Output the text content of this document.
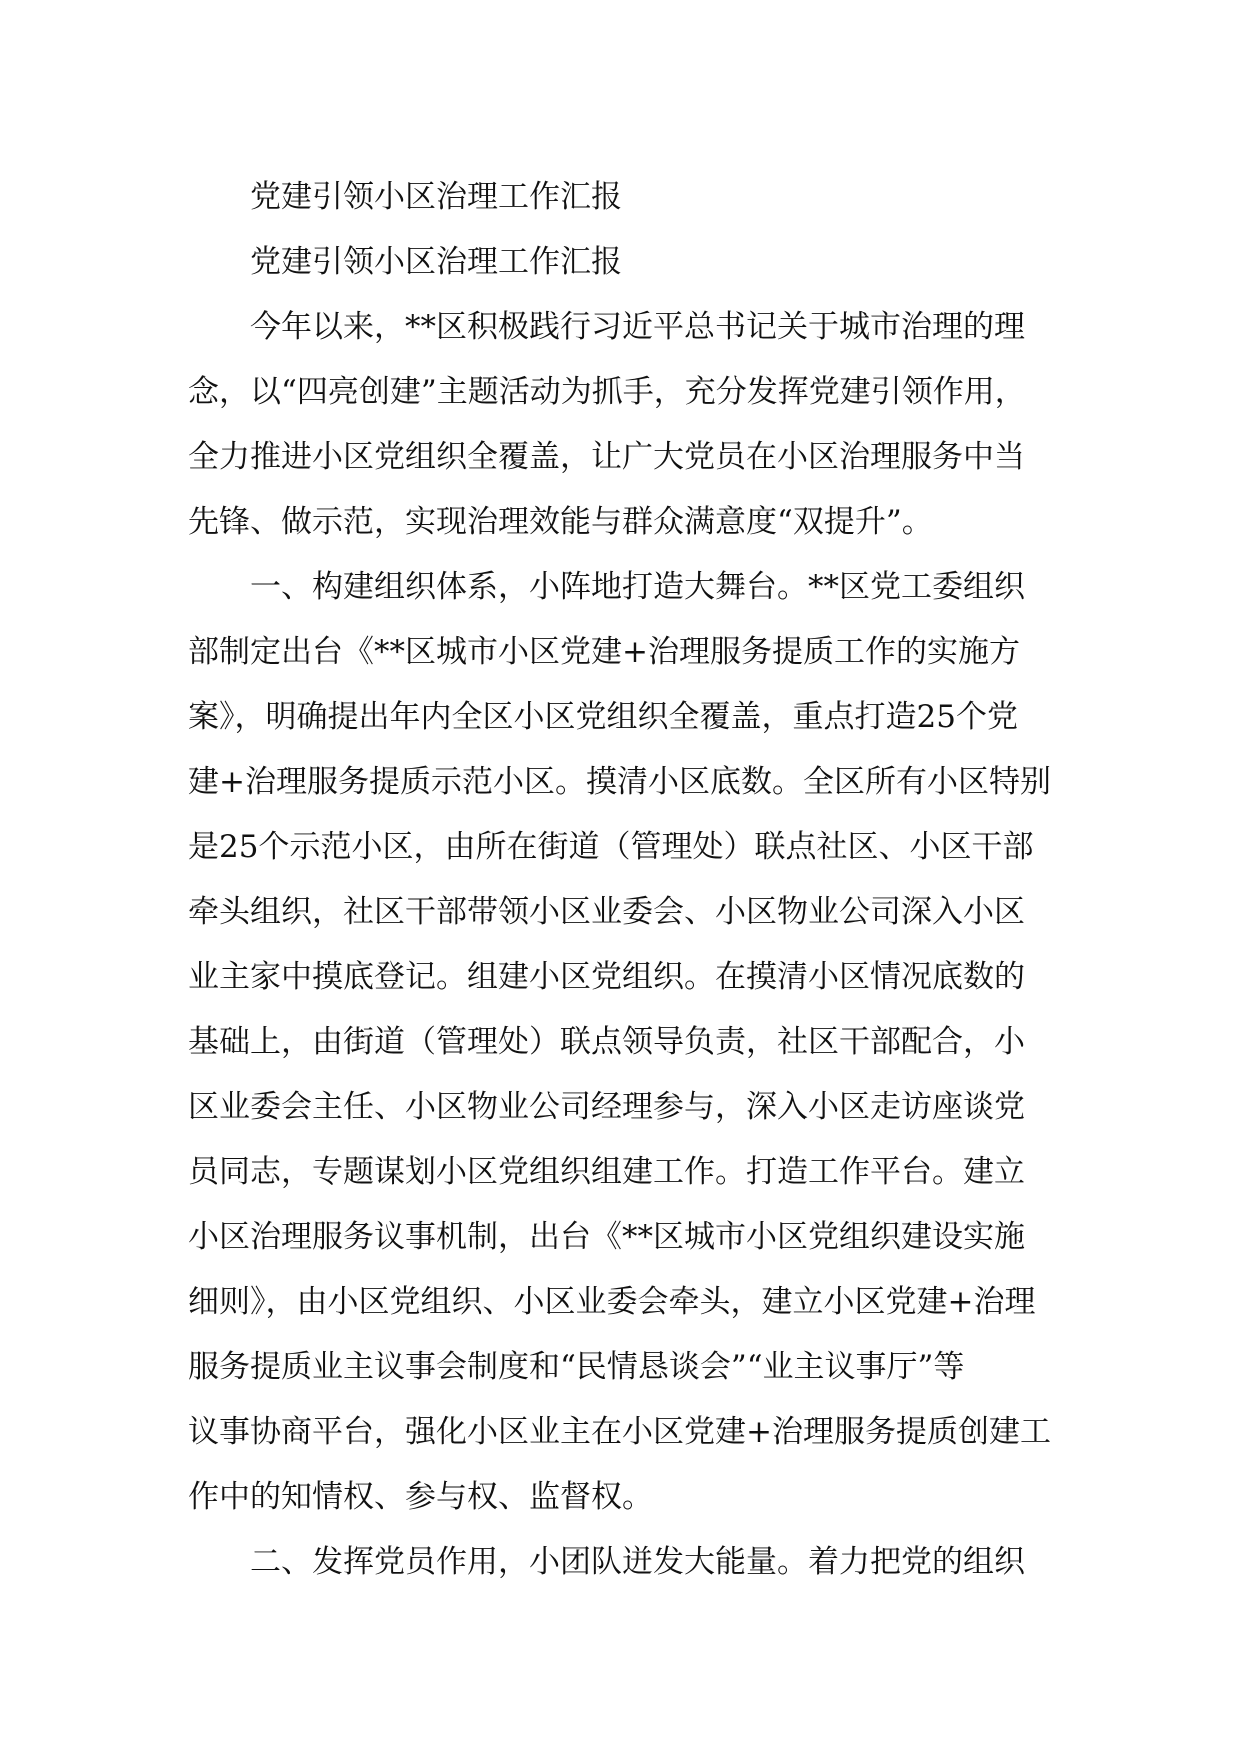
党建引领小区治理工作汇报
党建引领小区治理工作汇报
今年以来，**区积极践行习近平总书记关于城市治理的理
念，以“四亮创建”主题活动为抓手，充分发挥党建引领作用，
全力推进小区党组织全覆盖，让广大党员在小区治理服务中当
先锋、做示范，实现治理效能与群众满意度“双提升”。
一、构建组织体系，小阵地打造大舞台。**区党工委组织
部制定出台《**区城市小区党建+治理服务提质工作的实施方
案》，明确提出年内全区小区党组织全覆盖，重点打造25个党
建+治理服务提质示范小区。摸清小区底数。全区所有小区特别
是25个示范小区，由所在街道（管理处）联点社区、小区干部
牵头组织，社区干部带领小区业委会、小区物业公司深入小区
业主家中摸底登记。组建小区党组织。在摸清小区情况底数的
基础上，由街道（管理处）联点领导负责，社区干部配合，小
区业委会主任、小区物业公司经理参与，深入小区走访座谈党
员同志，专题谋划小区党组织组建工作。打造工作平台。建立
小区治理服务议事机制，出台《**区城市小区党组织建设实施
细则》，由小区党组织、小区业委会牵头，建立小区党建+治理
服务提质业主议事会制度和“民情恳谈会”“业主议事厅”等
议事协商平台，强化小区业主在小区党建+治理服务提质创建工
作中的知情权、参与权、监督权。
二、发挥党员作用，小团队迸发大能量。着力把党的组织
